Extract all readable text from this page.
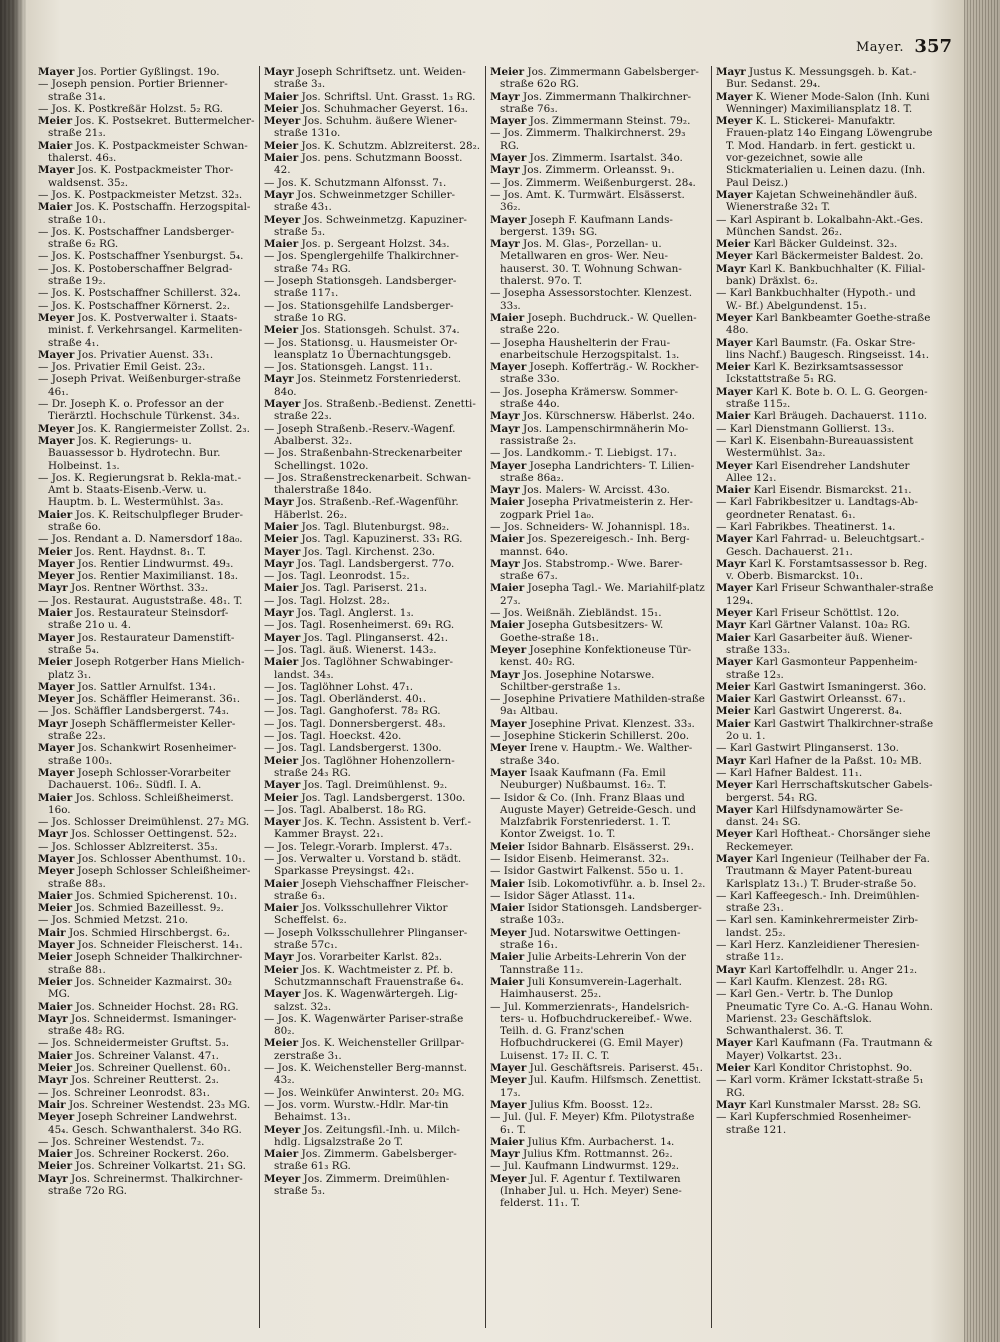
Mayer. 357

Mayer Jos. Portier Gyßlingst. 19o.

— Joseph pension. Portier Brienner-straße 31₄.

— Jos. K. Postkreßär Holzst. 5₂ RG.

Meier Jos. K. Postsekret. Buttermelcher-straße 21₃.

Maier Jos. K. Postpackmeister Schwan-thalerst. 46₃.

Mayer Jos. K. Postpackmeister Thor-waldsenst. 35₂.

— Jos. K. Postpackmeister Metzst. 32₃.

Maier Jos. K. Postschaffn. Herzogspital-straße 10₁.

— Jos. K. Postschaffner Landsberger-straße 6₂ RG.

— Jos. K. Postschaffner Ysenburgst. 5₄.

— Jos. K. Postoberschaffner Belgrad-straße 19₂.

— Jos. K. Postschaffner Schillerst. 32₄.

— Jos. K. Postschaffner Körnerst. 2₂.

Meyer Jos. K. Postverwalter i. Staats-minist. f. Verkehrsangel. Karmeliten-straße 4₁.

Mayer Jos. Privatier Auenst. 33₁.

— Jos. Privatier Emil Geist. 23₂.

— Joseph Privat. Weißenburger-straße 46₁.

— Dr. Joseph K. o. Professor an der Tierärztl. Hochschule Türkenst. 34₃.

Meyer Jos. K. Rangiermeister Zollst. 2₃.

Mayer Jos. K. Regierungs- u. Bauassessor b. Hydrotechn. Bur. Holbeinst. 1₃.

— Jos. K. Regierungsrat b. Rekla-mat.-Amt b. Staats-Eisenb.-Verw. u. Hauptm. b. L. Westermühlst. 3a₃.

Maier Jos. K. Reitschulpfleger Bruder-straße 6o.

— Jos. Rendant a. D. Namersdorf 18a₀.

Meier Jos. Rent. Haydnst. 8₁. T.

Mayer Jos. Rentier Lindwurmst. 49₃.

Meyer Jos. Rentier Maximilianst. 18₃.

Mayr Jos. Rentner Wörthst. 33₂.

— Jos. Restaurat. Auguststraße. 48₁. T.

Maier Jos. Restaurateur Steinsdorf-straße 21o u. 4.

Mayer Jos. Restaurateur Damenstift-straße 5₄.

Meier Joseph Rotgerber Hans Mielich-platz 3₁.

Mayer Jos. Sattler Arnulfst. 134₁.

Meyer Jos. Schäffler Heimeranst. 36₁.

— Jos. Schäffler Landsbergerst. 74₃.

Mayr Joseph Schäfflermeister Keller-straße 22₃.

Mayer Jos. Schankwirt Rosenheimer-straße 100₃.

Mayer Joseph Schlosser-Vorarbeiter Dachauerst. 106₂. Südfl. I. A.

Maier Jos. Schloss. Schleißheimerst. 16o.

— Jos. Schlosser Dreimühlenst. 27₂ MG.

Mayr Jos. Schlosser Oettingenst. 52₂.

— Jos. Schlosser Ablzreiterst. 35₃.

Mayer Jos. Schlosser Abenthumst. 10₁.

Meyer Joseph Schlosser Schleißheimer-straße 88₃.

Maier Jos. Schmied Spicherenst. 10₁.

Meier Jos. Schmied Bazeillesst. 9₂.

— Jos. Schmied Metzst. 21o.

Mair Jos. Schmied Hirschbergst. 6₂.

Mayer Jos. Schneider Fleischerst. 14₁.

Meier Joseph Schneider Thalkirchner-straße 88₁.

Meier Jos. Schneider Kazmairst. 30₂ MG.

Maier Jos. Schneider Hochst. 28₁ RG.

Mayr Jos. Schneidermst. Ismaninger-straße 48₂ RG.

— Jos. Schneidermeister Gruftst. 5₃.

Maier Jos. Schreiner Valanst. 47₁.

Meier Jos. Schreiner Quellenst. 60₁.

Mayr Jos. Schreiner Reutterst. 2₃.

— Jos. Schreiner Leonrodst. 83₁.

Mair Jos. Schreiner Westendst. 23₃ MG.

Meyer Joseph Schreiner Landwehrst. 45₄. Gesch. Schwanthalerst. 34o RG.

— Jos. Schreiner Westendst. 7₂.

Maier Jos. Schreiner Rockerst. 26o.

Meier Jos. Schreiner Volkartst. 21₁ SG.

Mayr Jos. Schreinermst. Thalkirchner-straße 72o RG.

Mayr Joseph Schriftsetz. unt. Weiden-straße 3₃.

Maier Jos. Schriftsl. Unt. Grasst. 1₃ RG.

Meier Jos. Schuhmacher Geyerst. 16₃.

Meyer Jos. Schuhm. äußere Wiener-straße 131o.

Meier Jos. K. Schutzm. Ablzreiterst. 28₂.

Maier Jos. pens. Schutzmann Boosst. 42.

— Jos. K. Schutzmann Alfonsst. 7₁.

Mayr Jos. Schweinmetzger Schiller-straße 43₁.

Meyer Jos. Schweinmetzg. Kapuziner-straße 5₃.

Maier Jos. p. Sergeant Holzst. 34₃.

— Jos. Spenglergehilfe Thalkirchner-straße 74₃ RG.

— Joseph Stationsgeh. Landsberger-straße 117₁.

— Jos. Stationsgehilfe Landsberger-straße 1o RG.

Meier Jos. Stationsgeh. Schulst. 37₄.

— Jos. Stationsg. u. Hausmeister Or-leansplatz 1o Übernachtungsgeb.

— Jos. Stationsgeh. Langst. 11₁.

Mayr Jos. Steinmetz Forstenriederst. 84o.

Mayer Jos. Straßenb.-Bedienst. Zenetti-straße 22₃.

— Joseph Straßenb.-Reserv.-Wagenf. Abalberst. 32₂.

— Jos. Straßenbahn-Streckenarbeiter Schellingst. 102o.

— Jos. Straßenstreckenarbeit. Schwan-thalerstraße 184o.

Mayr Jos. Straßenb.-Ref.-Wagenführ. Häberlst. 26₂.

Maier Jos. Tagl. Blutenburgst. 98₂.

Meier Jos. Tagl. Kapuzinerst. 33₁ RG.

Mayer Jos. Tagl. Kirchenst. 23o.

Mayr Jos. Tagl. Landsbergerst. 77o.

— Jos. Tagl. Leonrodst. 15₂.

Maier Jos. Tagl. Pariserst. 21₃.

— Jos. Tagl. Holzst. 28₂.

Mayr Jos. Tagl. Anglerst. 1₃.

— Jos. Tagl. Rosenheimerst. 69₁ RG.

Mayer Jos. Tagl. Plinganserst. 42₁.

— Jos. Tagl. äuß. Wienerst. 143₂.

Maier Jos. Taglöhner Schwabinger-landst. 34₃.

— Jos. Taglöhner Lohst. 47₁.

— Jos. Tagl. Oberländerst. 40₁.

— Jos. Tagl. Ganghoferst. 78₂ RG.

— Jos. Tagl. Donnersbergerst. 48₃.

— Jos. Tagl. Hoeckst. 42o.

— Jos. Tagl. Landsbergerst. 130o.

Meier Jos. Taglöhner Hohenzollern-straße 24₃ RG.

Mayer Jos. Tagl. Dreimühlenst. 9₂.

Meier Jos. Tagl. Landsbergerst. 130o.

— Jos. Tagl. Abalberst. 18₀ RG.

Mayer Jos. K. Techn. Assistent b. Verf.-Kammer Brayst. 22₁.

— Jos. Telegr.-Vorarb. Implerst. 47₃.

— Jos. Verwalter u. Vorstand b. städt. Sparkasse Preysingst. 42₁.

Maier Joseph Viehschaffner Fleischer-straße 6₃.

Maier Jos. Volksschullehrer Viktor Scheffelst. 6₂.

— Joseph Volksschullehrer Plinganser-straße 57c₁.

Mayr Jos. Vorarbeiter Karlst. 82₃.

Meier Jos. K. Wachtmeister z. Pf. b. Schutzmannschaft Frauenstraße 6₄.

Mayer Jos. K. Wagenwärtergeh. Lig-salzst. 32₃.

— Jos. K. Wagenwärter Pariser-straße 80₂.

Meier Jos. K. Weichensteller Grillpar-zerstraße 3₁.

— Jos. K. Weichensteller Berg-mannst. 43₂.

— Jos. Weinküfer Anwinterst. 20₂ MG.

— Jos. vorm. Wurstw.-Hdlr. Mar-tin Behaimst. 13₁.

Meyer Jos. Zeitungsfil.-Inh. u. Milch-hdlg. Ligsalzstraße 2o T.

Maier Jos. Zimmerm. Gabelsberger-straße 61₃ RG.

Meyer Jos. Zimmerm. Dreimühlen-straße 5₃.

Meier Jos. Zimmermann Gabelsberger-straße 62o RG.

Mayr Jos. Zimmermann Thalkirchner-straße 76₃.

Mayer Jos. Zimmermann Steinst. 79₂.

— Jos. Zimmerm. Thalkirchnerst. 29₃ RG.

Mayer Jos. Zimmerm. Isartalst. 34o.

Mayr Jos. Zimmerm. Orleansst. 9₁.

— Jos. Zimmerm. Weißenburgerst. 28₄.

— Jos. Amt. K. Turmwärt. Elsässerst. 36₂.

Mayer Joseph F. Kaufmann Lands-bergerst. 139₁ SG.

Mayr Jos. M. Glas-, Porzellan- u. Metallwaren en gros- Wer. Neu-hauserst. 30. T. Wohnung Schwan-thalerst. 97o. T.

— Josepha Assessorstochter. Klenzest. 33₃.

Maier Joseph. Buchdruck.- W. Quellen-straße 22o.

— Josepha Haushelterin der Frau-enarbeitschule Herzogspitalst. 1₃.

Mayer Joseph. Kofferträg.- W. Rockher-straße 33o.

— Jos. Josepha Krämersw. Sommer-straße 44o.

Mayr Jos. Kürschnersw. Häberlst. 24o.

Mayr Jos. Lampenschirmnäherin Mo-rassistraße 2₃.

— Jos. Landkomm.- T. Liebigst. 17₁.

Mayer Josepha Landrichters- T. Lilien-straße 86a₂.

Mayr Jos. Malers- W. Arcisst. 43o.

Maier Josepha Privatmeisterin z. Her-zogpark Priel 1a₀.

— Jos. Schneiders- W. Johannispl. 18₃.

Maier Jos. Spezereigesch.- Inh. Berg-mannst. 64o.

Mayr Jos. Stabstromp.- Wwe. Barer-straße 67₃.

Maier Josepha Tagl.- We. Mariahilf-platz 27₃.

— Jos. Weißnäh. Ziebländst. 15₁.

Maier Josepha Gutsbesitzers- W. Goethe-straße 18₁.

Meyer Josephine Konfektioneuse Tür-kenst. 40₂ RG.

Mayr Jos. Josephine Notarswe. Schiltber-gerstraße 1₃.

— Josephine Privatiere Mathilden-straße 9a₁ Altbau.

Mayer Josephine Privat. Klenzest. 33₃.

— Josephine Stickerin Schillerst. 20o.

Meyer Irene v. Hauptm.- We. Walther-straße 34o.

Mayer Isaak Kaufmann (Fa. Emil Neuburger) Nußbaumst. 16₂. T.

— Isidor & Co. (Inh. Franz Blaas und Auguste Mayer) Getreide-Gesch. und Malzfabrik Forstenriederst. 1. T. Kontor Zweigst. 1o. T.

Meier Isidor Bahnarb. Elsässerst. 29₁.

— Isidor Eisenb. Heimeranst. 32₃.

— Isidor Gastwirt Falkenst. 55o u. 1.

Maier Isib. Lokomotivführ. a. b. Insel 2₂.

— Isidor Säger Atlasst. 11₄.

Maier Isidor Stationsgeh. Landsberger-straße 103₂.

Meyer Jud. Notarswitwe Oettingen-straße 16₁.

Maier Julie Arbeits-Lehrerin Von der Tannstraße 11₂.

Maier Juli Konsumverein-Lagerhalt. Haimhauserst. 25₂.

— Jul. Kommerzienrats-, Handelsrich-ters- u. Hofbuchdruckereibef.- Wwe. Teilh. d. G. Franz'schen Hofbuchdruckerei (G. Emil Mayer) Luisenst. 17₂ II. C. T.

Mayer Jul. Geschäftsreis. Pariserst. 45₁.

Meyer Jul. Kaufm. Hilfsmsch. Zenettist. 17₃.

Mayer Julius Kfm. Boosst. 12₂.

— Jul. (Jul. F. Meyer) Kfm. Pilotystraße 6₁. T.

Maier Julius Kfm. Aurbacherst. 1₄.

Mayr Julius Kfm. Rottmannst. 26₂.

— Jul. Kaufmann Lindwurmst. 129₂.

Meyer Jul. F. Agentur f. Textilwaren (Inhaber Jul. u. Hch. Meyer) Sene-felderst. 11₁. T.

Mayr Justus K. Messungsgeh. b. Kat.-Bur. Sedanst. 29₄.

Mayer K. Wiener Mode-Salon (Inh. Kuni Wenninger) Maximiliansplatz 18. T.

Meyer K. L. Stickerei- Manufaktr. Frauen-platz 14o Eingang Löwengrube T. Mod. Handarb. in fert. gestickt u. vor-gezeichnet, sowie alle Stickmaterialien u. Leinen dazu. (Inh. Paul Deisz.)

Mayer Kajetan Schweinehändler äuß. Wienerstraße 32₁ T.

— Karl Aspirant b. Lokalbahn-Akt.-Ges. München Sandst. 26₂.

Meier Karl Bäcker Guldeinst. 32₃.

Meyer Karl Bäckermeister Baldest. 2o.

Mayr Karl K. Bankbuchhalter (K. Filial-bank) Dräxlst. 6₂.

— Karl Bankbuchhalter (Hypoth.- und W.- Bf.) Abelgundenst. 15₁.

Meyer Karl Bankbeamter Goethe-straße 48o.

Mayer Karl Baumstr. (Fa. Oskar Stre-lins Nachf.) Baugesch. Ringseisst. 14₁.

Meier Karl K. Bezirksamtsassessor Ickstattstraße 5₁ RG.

Mayer Karl K. Bote b. O. L. G. Georgen-straße 115₂.

Maier Karl Bräugeh. Dachauerst. 111o.

— Karl Dienstmann Gollierst. 13₃.

— Karl K. Eisenbahn-Bureauassistent Westermühlst. 3a₂.

Meyer Karl Eisendreher Landshuter Allee 12₁.

Maier Karl Eisendr. Bismarckst. 21₁.

— Karl Fabrikbesitzer u. Landtags-Ab-geordneter Renatast. 6₁.

— Karl Fabrikbes. Theatinerst. 1₄.

Mayer Karl Fahrrad- u. Beleuchtgsart.-Gesch. Dachauerst. 21₁.

Mayr Karl K. Forstamtsassessor b. Reg. v. Oberb. Bismarckst. 10₁.

Mayer Karl Friseur Schwanthaler-straße 129₄.

Meyer Karl Friseur Schöttlst. 12o.

Mayr Karl Gärtner Valanst. 10a₂ RG.

Maier Karl Gasarbeiter äuß. Wiener-straße 133₃.

Mayer Karl Gasmonteur Pappenheim-straße 12₃.

Meier Karl Gastwirt Ismaningerst. 36o.

Maier Karl Gastwirt Orleansst. 67₁.

Meier Karl Gastwirt Ungererst. 8₄.

Maier Karl Gastwirt Thalkirchner-straße 2o u. 1.

— Karl Gastwirt Plinganserst. 13o.

Mayr Karl Hafner de la Paßst. 10₂ MB.

— Karl Hafner Baldest. 11₁.

Meyer Karl Herrschaftskutscher Gabels-bergerst. 54₁ RG.

Mayer Karl Hilfsdynamowärter Se-danst. 24₁ SG.

Meyer Karl Hoftheat.- Chorsänger siehe Reckemeyer.

Mayer Karl Ingenieur (Teilhaber der Fa. Trautmann & Mayer Patent-bureau Karlsplatz 13₁.) T. Bruder-straße 5o.

— Karl Kaffeegesch.- Inh. Dreimühlen-straße 23₁.

— Karl sen. Kaminkehrermeister Zirb-landst. 25₂.

— Karl Herz. Kanzleidiener Theresien-straße 11₂.

Mayr Karl Kartoffelhdlr. u. Anger 21₂.

— Karl Kaufm. Klenzest. 28₁ RG.

— Karl Gen.- Vertr. b. The Dunlop Pneumatic Tyre Co. A.-G. Hanau Wohn. Marienst. 23₂ Geschäftslok. Schwanthalerst. 36. T.

Mayer Karl Kaufmann (Fa. Trautmann & Mayer) Volkartst. 23₁.

Meier Karl Konditor Christophst. 9o.

— Karl vorm. Krämer Ickstatt-straße 5₁ RG.

Mayr Karl Kunstmaler Marsst. 28₂ SG.

— Karl Kupferschmied Rosenheimer-straße 121.
